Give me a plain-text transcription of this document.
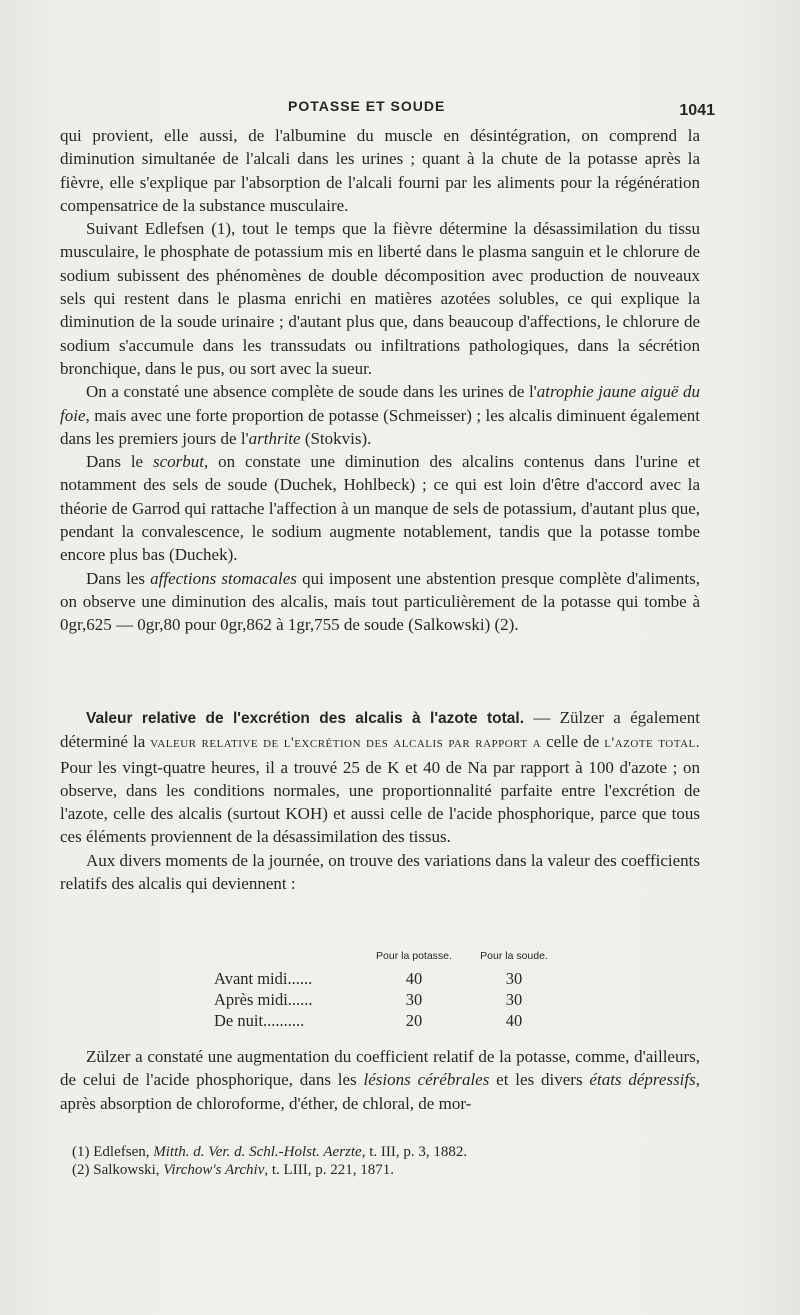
POTASSE ET SOUDE	1041

qui provient, elle aussi, de l'albumine du muscle en désintégration, on comprend la diminution simultanée de l'alcali dans les urines ; quant à la chute de la potasse après la fièvre, elle s'explique par l'absorption de l'alcali fourni par les aliments pour la régénération compensatrice de la substance musculaire.

Suivant Edlefsen (1), tout le temps que la fièvre détermine la désassimilation du tissu musculaire, le phosphate de potassium mis en liberté dans le plasma sanguin et le chlorure de sodium subissent des phénomènes de double décomposition avec production de nouveaux sels qui restent dans le plasma enrichi en matières azotées solubles, ce qui explique la diminution de la soude urinaire ; d'autant plus que, dans beaucoup d'affections, le chlorure de sodium s'accumule dans les transsudats ou infiltrations pathologiques, dans la sécrétion bronchique, dans le pus, ou sort avec la sueur.

On a constaté une absence complète de soude dans les urines de l'atrophie jaune aiguë du foie, mais avec une forte proportion de potasse (Schmeisser) ; les alcalis diminuent également dans les premiers jours de l'arthrite (Stokvis).

Dans le scorbut, on constate une diminution des alcalins contenus dans l'urine et notamment des sels de soude (Duchek, Hohlbeck) ; ce qui est loin d'être d'accord avec la théorie de Garrod qui rattache l'affection à un manque de sels de potassium, d'autant plus que, pendant la convalescence, le sodium augmente notablement, tandis que la potasse tombe encore plus bas (Duchek).

Dans les affections stomacales qui imposent une abstention presque complète d'aliments, on observe une diminution des alcalis, mais tout particulièrement de la potasse qui tombe à 0gr,625 — 0gr,80 pour 0gr,862 à 1gr,755 de soude (Salkowski) (2).

Valeur relative de l'excrétion des alcalis à l'azote total. — Zülzer a également déterminé la valeur relative de l'excrétion des alcalis par rapport a celle de l'azote total. Pour les vingt-quatre heures, il a trouvé 25 de K et 40 de Na par rapport à 100 d'azote ; on observe, dans les conditions normales, une proportionnalité parfaite entre l'excrétion de l'azote, celle des alcalis (surtout KOH) et aussi celle de l'acide phosphorique, parce que tous ces éléments proviennent de la désassimilation des tissus.

Aux divers moments de la journée, on trouve des variations dans la valeur des coefficients relatifs des alcalis qui deviennent :

	Pour la potasse.	Pour la soude.
Avant midi......	40	30
Après midi......	30	30
De nuit..........	20	40

Zülzer a constaté une augmentation du coefficient relatif de la potasse, comme, d'ailleurs, de celui de l'acide phosphorique, dans les lésions cérébrales et les divers états dépressifs, après absorption de chloroforme, d'éther, de chloral, de mor-

(1) Edlefsen, Mitth. d. Ver. d. Schl.-Holst. Aerzte, t. III, p. 3, 1882.

(2) Salkowski, Virchow's Archiv, t. LIII, p. 221, 1871.
